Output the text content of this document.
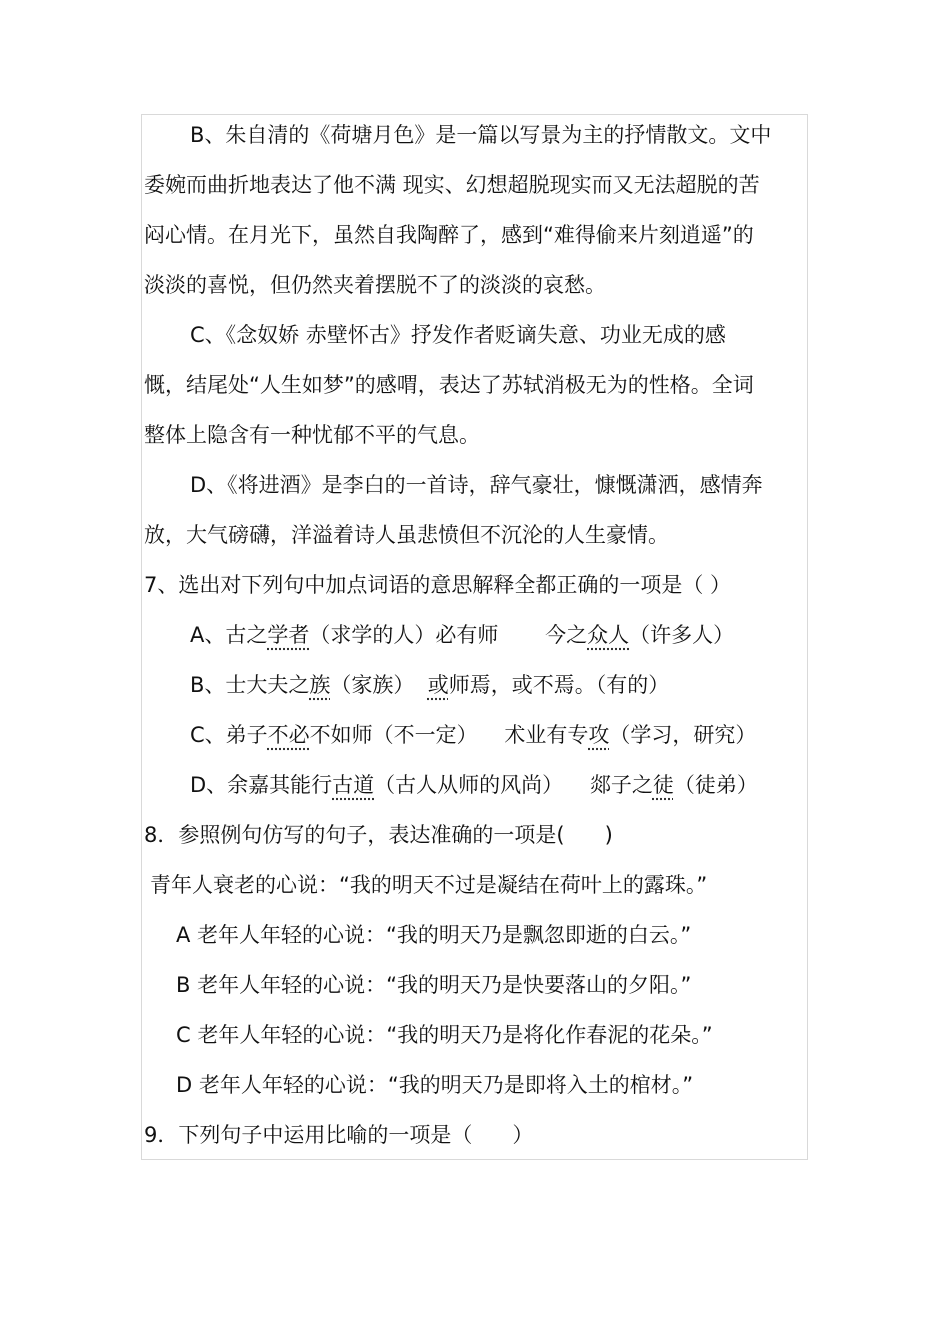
B、朱自清的《荷塘月色》是一篇以写景为主的抒情散文。文中
委婉而曲折地表达了他不满 现实、幻想超脱现实而又无法超脱的苦
闷心情。在月光下，虽然自我陶醉了，感到“难得偷来片刻逍遥”的
淡淡的喜悦，但仍然夹着摆脱不了的淡淡的哀愁。
C、《念奴娇 赤壁怀古》抒发作者贬谪失意、功业无成的感
慨，结尾处“人生如梦”的感喟，表达了苏轼消极无为的性格。全词
整体上隐含有一种忧郁不平的气息。
D、《将进酒》是李白的一首诗，辞气豪壮，慷慨潇洒，感情奔
放，大气磅礴，洋溢着诗人虽悲愤但不沉沦的人生豪情。
7、选出对下列句中加点词语的意思解释全都正确的一项是（ ）
A、古之学者（求学的人）必有师       今之众人（许多人）
B、士大夫之族（家族）  或师焉，或不焉。（有的）
C、弟子不必不如师（不一定）    术业有专攻（学习，研究）
D、余嘉其能行古道（古人从师的风尚）    郯子之徒（徒弟）
8．参照例句仿写的句子，表达准确的一项是(      )
青年人衰老的心说：“我的明天不过是凝结在荷叶上的露珠。”
A 老年人年轻的心说：“我的明天乃是飘忽即逝的白云。”
B 老年人年轻的心说：“我的明天乃是快要落山的夕阳。”
C 老年人年轻的心说：“我的明天乃是将化作春泥的花朵。”
D 老年人年轻的心说：“我的明天乃是即将入土的棺材。”
9．下列句子中运用比喻的一项是（      ）
